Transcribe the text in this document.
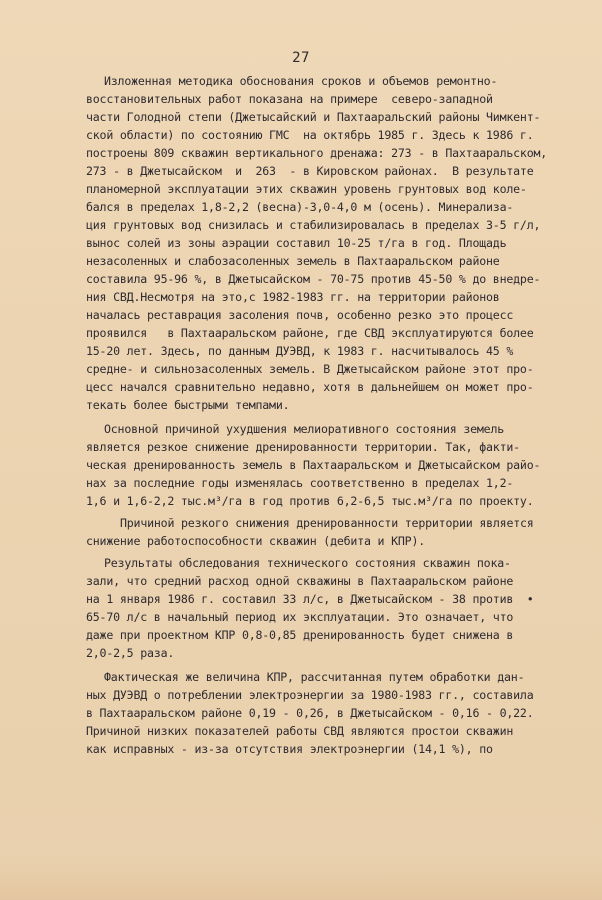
27
Изложенная методика обоснования сроков и объемов ремонтно-
восстановительных работ показана на примере  северо-западной
части Голодной степи (Джетысайский и Пахтааральский районы Чимкент-
ской области) по состоянию ГМС  на октябрь 1985 г. Здесь к 1986 г.
построены 809 скважин вертикального дренажа: 273 - в Пахтааральском,
273 - в Джетысайском  и  263  - в Кировском районах.  В результате
планомерной эксплуатации этих скважин уровень грунтовых вод коле-
бался в пределах 1,8-2,2 (весна)-3,0-4,0 м (осень). Минерализа-
ция грунтовых вод снизилась и стабилизировалась в пределах 3-5 г/л,
вынос солей из зоны аэрации составил 10-25 т/га в год. Площадь
незасоленных и слабозасоленных земель в Пахтааральском районе
составила 95-96 %, в Джетысайском - 70-75 против 45-50 % до внедре-
ния СВД.Несмотря на это,с 1982-1983 гг. на территории районов
началась реставрация засоления почв, особенно резко это процесс
проявился   в Пахтааральском районе, где СВД эксплуатируются более
15-20 лет. Здесь, по данным ДУЭВД, к 1983 г. насчитывалось 45 %
средне- и сильнозасоленных земель. В Джетысайском районе этот про-
цесс начался сравнительно недавно, хотя в дальнейшем он может про-
текать более быстрыми темпами.
Основной причиной ухудшения мелиоративного состояния земель
является резкое снижение дренированности территории. Так, факти-
ческая дренированность земель в Пахтааральском и Джетысайском райо-
нах за последние годы изменялась соответственно в пределах 1,2-
1,6 и 1,6-2,2 тыс.м³/га в год против 6,2-6,5 тыс.м³/га по проекту.
Причиной резкого снижения дренированности территории является
снижение работоспособности скважин (дебита и КПР).
Результаты обследования технического состояния скважин пока-
зали, что средний расход одной скважины в Пахтааральском районе
на 1 января 1986 г. составил 33 л/с, в Джетысайском - 38 против  •
65-70 л/с в начальный период их эксплуатации. Это означает, что
даже при проектном КПР 0,8-0,85 дренированность будет снижена в
2,0-2,5 раза.
Фактическая же величина КПР, рассчитанная путем обработки дан-
ных ДУЭВД о потреблении электроэнергии за 1980-1983 гг., составила
в Пахтааральском районе 0,19 - 0,26, в Джетысайском - 0,16 - 0,22.
Причиной низких показателей работы СВД являются простои скважин
как исправных - из-за отсутствия электроэнергии (14,1 %), по
